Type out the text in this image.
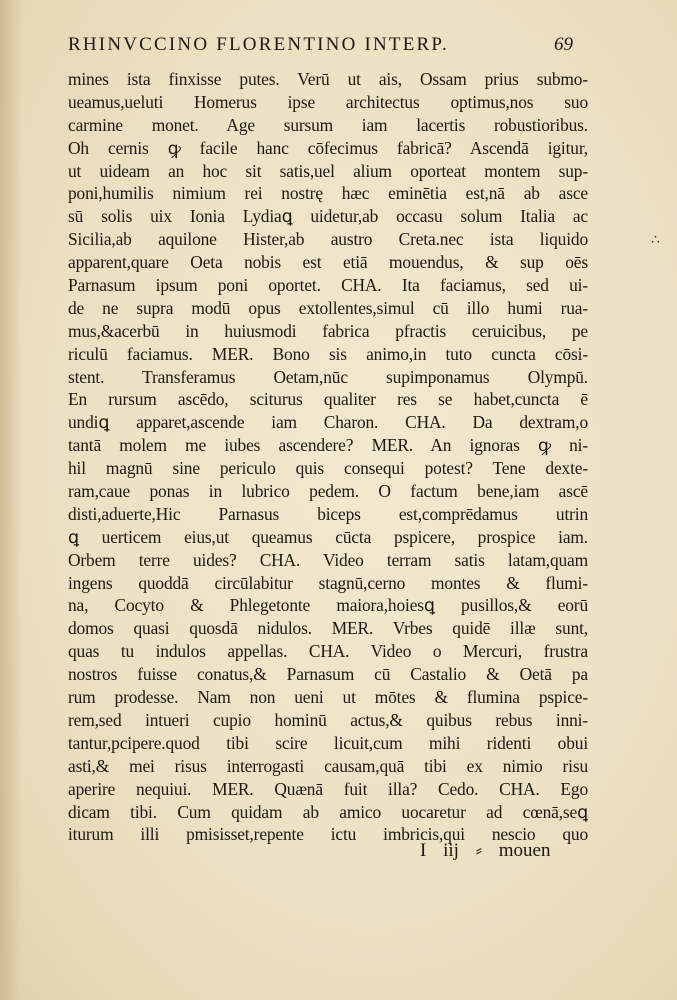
RHINVCCINO FLORENTINO INTERP.	69
mines ista finxisse putes. Verū ut ais, Ossam prius submo-
ueamus,ueluti Homerus ipse architectus optimus,nos suo
carmine monet. Age sursum iam lacertis robustioribus.
Oh cernis ꝙ facile hanc cōfecimus fabricā? Ascendā igitur,
ut uideam an hoc sit satis,uel alium oporteat montem sup-
poni,humilis nimium rei nostrę hæc eminētia est,nā ab asce
sū solis uix Ionia Lydiaꝗ uidetur,ab occasu solum Italia ac
Sicilia,ab aquilone Hister,ab austro Creta.nec ista liquido
apparent,quare Oeta nobis est etiā mouendus, & sup oēs
Parnasum ipsum poni oportet. CHA. Ita faciamus, sed ui-
de ne supra modū opus extollentes,simul cū illo humi rua-
mus,&acerbū in huiusmodi fabrica pfractis ceruicibus, pe
riculū faciamus. MER. Bono sis animo,in tuto cuncta cōsi-
stent. Transferamus Oetam,nūc supimponamus Olympū.
En rursum ascēdo, sciturus qualiter res se habet,cuncta ē
undiꝗ apparet,ascende iam Charon. CHA. Da dextram,o
tantā molem me iubes ascendere? MER. An ignoras ꝙ ni-
hil magnū sine periculo quis consequi potest? Tene dexte-
ram,caue ponas in lubrico pedem. O factum bene,iam ascē
disti,aduerte,Hic Parnasus biceps est,comprēdamus utrin
ꝗ uerticem eius,ut queamus cūcta pspicere, prospice iam.
Orbem terre uides? CHA. Video terram satis latam,quam
ingens quoddā circūlabitur stagnū,cerno montes & flumi-
na, Cocyto & Phlegetonte maiora,hoiesꝗ pusillos,& eorū
domos quasi quosdā nidulos. MER. Vrbes quidē illæ sunt,
quas tu indulos appellas. CHA. Video o Mercuri, frustra
nostros fuisse conatus,& Parnasum cū Castalio & Oetā pa
rum prodesse. Nam non ueni ut mōtes & flumina pspice-
rem,sed intueri cupio hominū actus,& quibus rebus inni-
tantur,pcipere.quod tibi scire licuit,cum mihi ridenti obui
asti,& mei risus interrogasti causam,quā tibi ex nimio risu
aperire nequiui. MER. Quænā fuit illa? Cedo. CHA. Ego
dicam tibi. Cum quidam ab amico uocaretur ad cœnā,seꝗ
iturum illi pmisisset,repente ictu imbricis,qui nescio quo
I iij ⸗ mouen
∴
